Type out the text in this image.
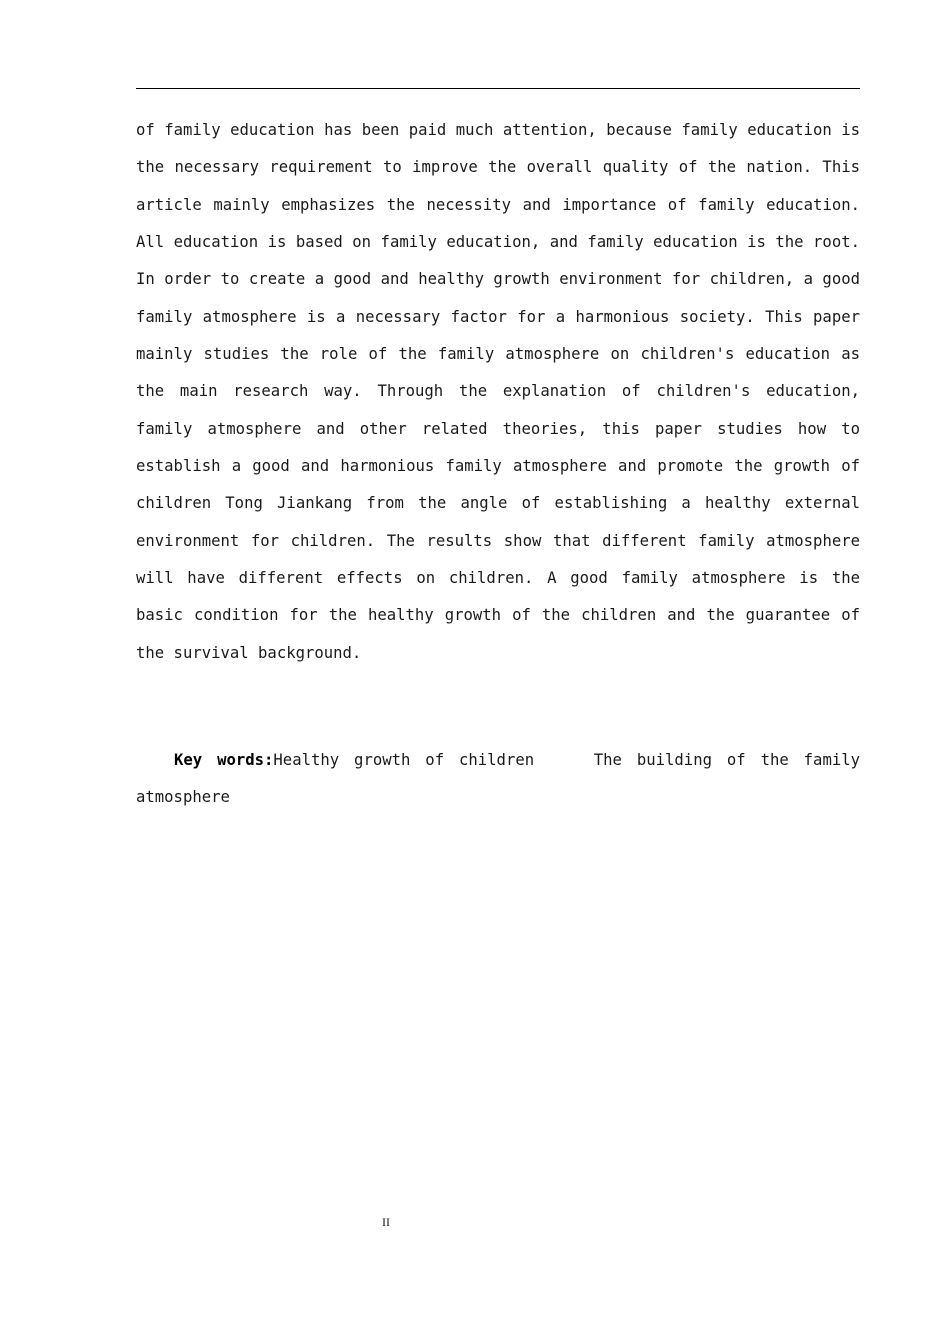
of family education has been paid much attention, because family education is the necessary requirement to improve the overall quality of the nation. This article mainly emphasizes the necessity and importance of family education. All education is based on family education, and family education is the root. In order to create a good and healthy growth environment for children, a good family atmosphere is a necessary factor for a harmonious society. This paper mainly studies the role of the family atmosphere on children's education as the main research way. Through the explanation of children's education, family atmosphere and other related theories, this paper studies how to establish a good and harmonious family atmosphere and promote the growth of children Tong Jiankang from the angle of establishing a healthy external environment for children. The results show that different family atmosphere will have different effects on children. A good family atmosphere is the basic condition for the healthy growth of the children and the guarantee of the survival background.

Key words:Healthy growth of children    The building of the family atmosphere

II
